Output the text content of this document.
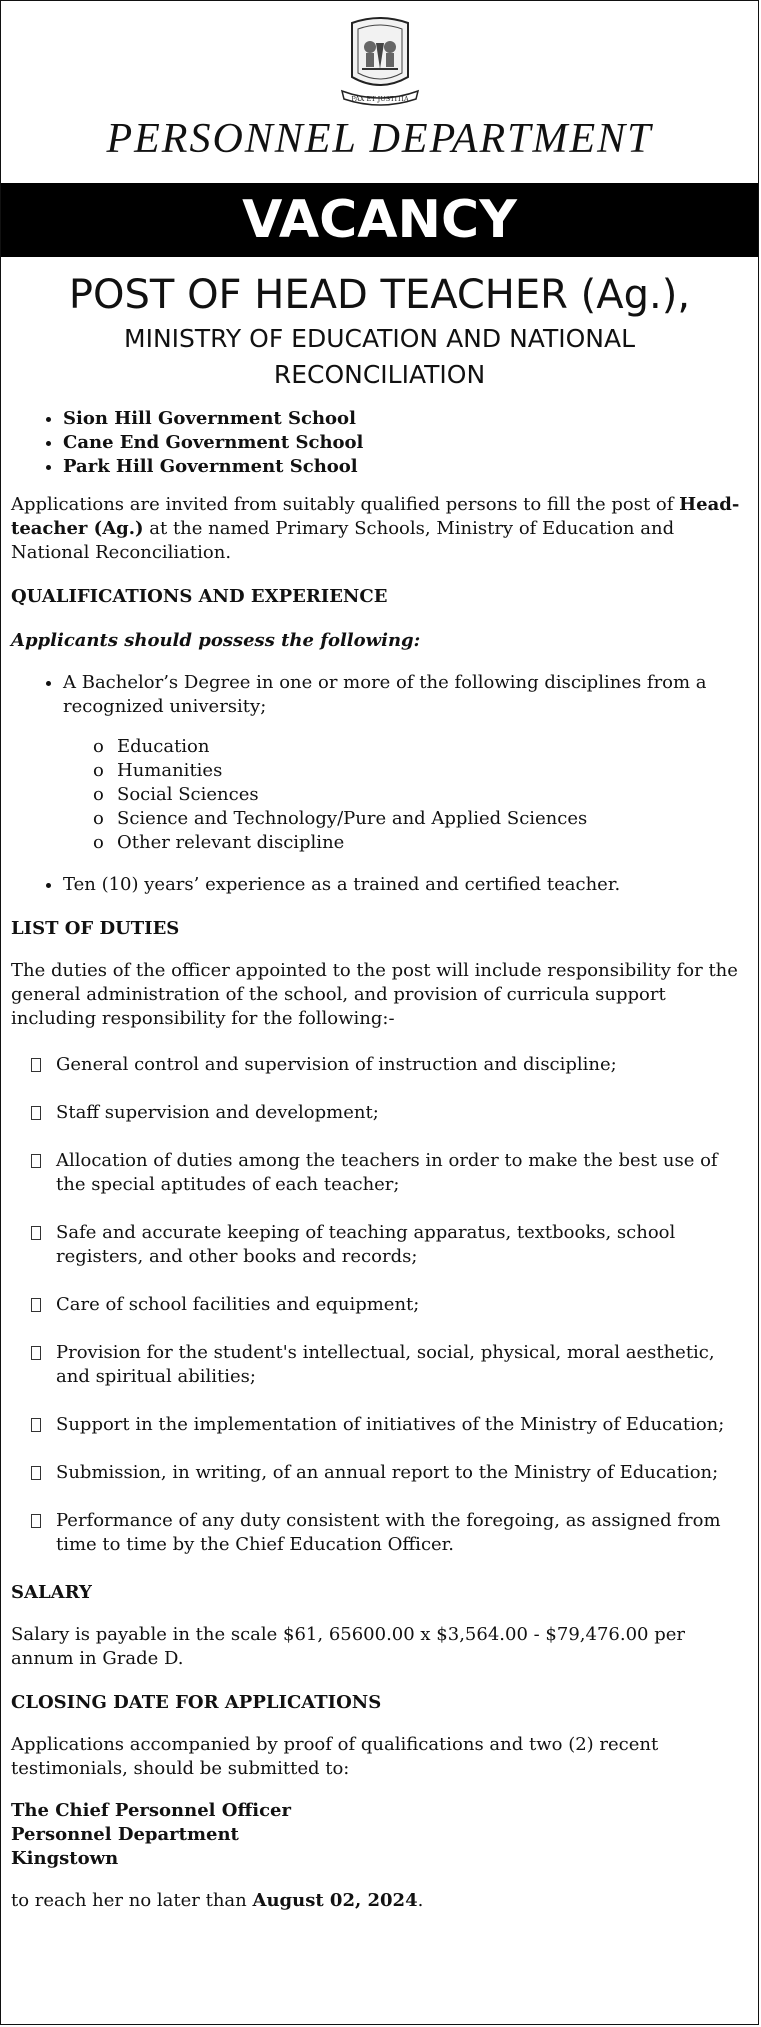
PAX ET JUSTITIA
PERSONNEL DEPARTMENT
VACANCY
POST OF HEAD TEACHER (Ag.),
MINISTRY OF EDUCATION AND NATIONAL RECONCILIATION
• Sion Hill Government School
• Cane End Government School
• Park Hill Government School

Applications are invited from suitably qualified persons to fill the post of Head-teacher (Ag.) at the named Primary Schools, Ministry of Education and National Reconciliation.

QUALIFICATIONS AND EXPERIENCE

Applicants should possess the following:

• A Bachelor’s Degree in one or more of the following disciplines from a recognized university;
o Education
o Humanities
o Social Sciences
o Science and Technology/Pure and Applied Sciences
o Other relevant discipline
• Ten (10) years’ experience as a trained and certified teacher.

LIST OF DUTIES

The duties of the officer appointed to the post will include responsibility for the general administration of the school, and provision of curricula support including responsibility for the following:-

General control and supervision of instruction and discipline;
Staff supervision and development;
Allocation of duties among the teachers in order to make the best use of the special aptitudes of each teacher;
Safe and accurate keeping of teaching apparatus, textbooks, school registers, and other books and records;
Care of school facilities and equipment;
Provision for the student's intellectual, social, physical, moral aesthetic, and spiritual abilities;
Support in the implementation of initiatives of the Ministry of Education;
Submission, in writing, of an annual report to the Ministry of Education;
Performance of any duty consistent with the foregoing, as assigned from time to time by the Chief Education Officer.

SALARY

Salary is payable in the scale $61, 65600.00 x $3,564.00 - $79,476.00 per annum in Grade D.

CLOSING DATE FOR APPLICATIONS

Applications accompanied by proof of qualifications and two (2) recent testimonials, should be submitted to:

The Chief Personnel Officer
Personnel Department
Kingstown

to reach her no later than August 02, 2024.
